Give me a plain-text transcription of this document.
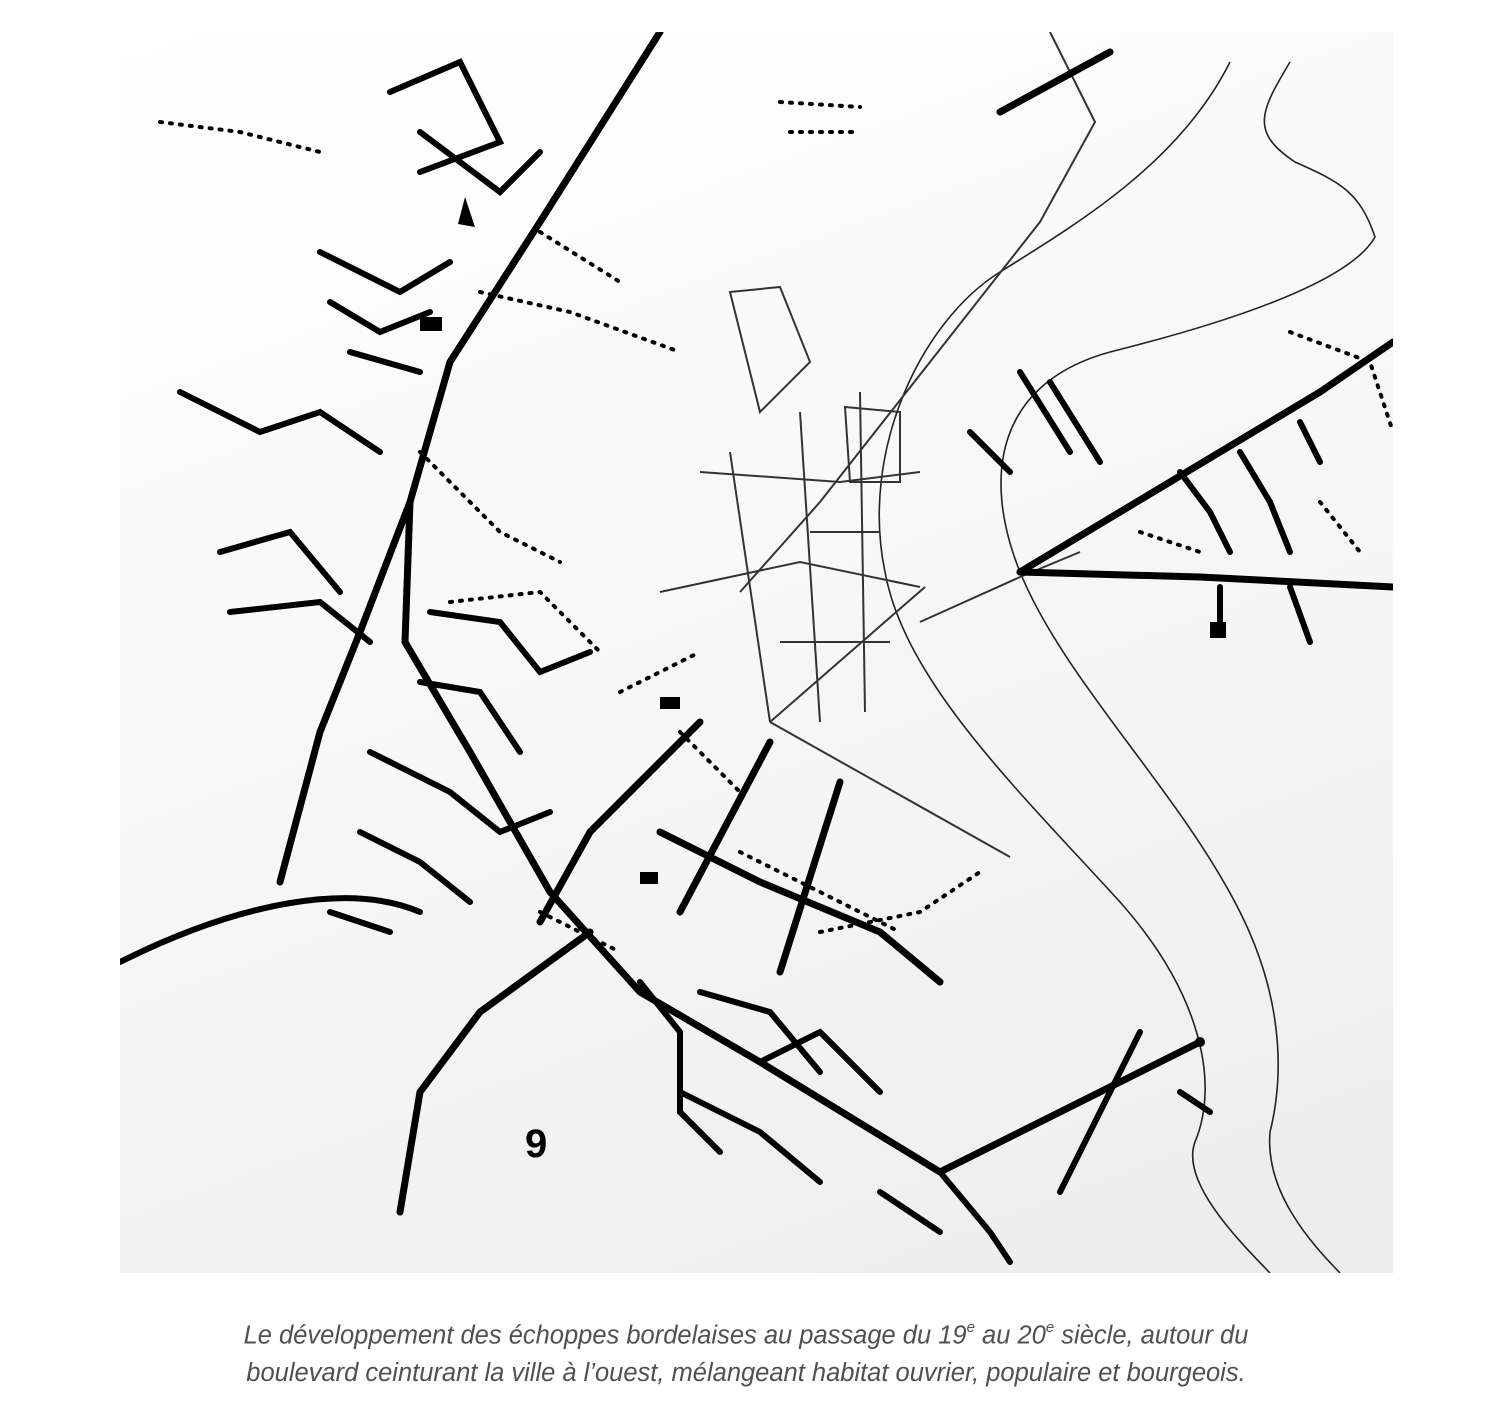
9
Le développement des échoppes bordelaises au passage du 19e au 20e siècle, autour du
boulevard ceinturant la ville à l’ouest, mélangeant habitat ouvrier, populaire et bourgeois.
